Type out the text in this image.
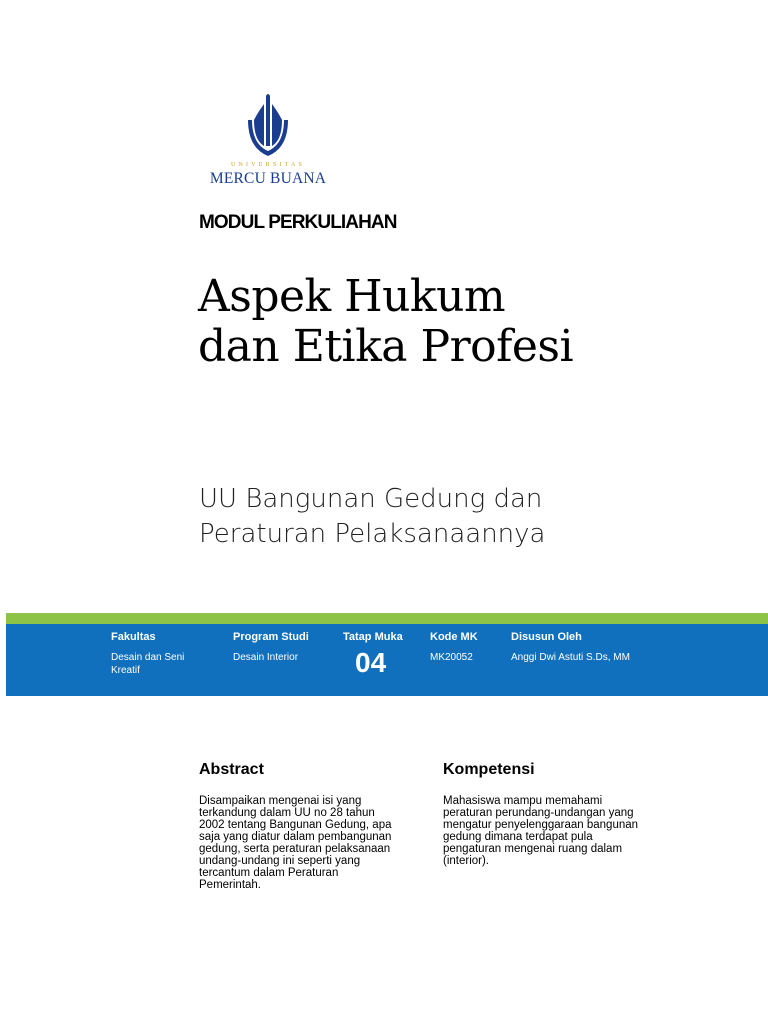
UNIVERSITAS
MERCU BUANA
MODUL PERKULIAHAN
Aspek Hukum
dan Etika Profesi
UU Bangunan Gedung dan
Peraturan Pelaksanaannya
Fakultas
Desain dan Seni
Kreatif
Program Studi
Desain Interior
Tatap Muka
04
Kode MK
MK20052
Disusun Oleh
Anggi Dwi Astuti S.Ds, MM
Abstract
Disampaikan mengenai isi yang
terkandung dalam UU no 28 tahun
2002 tentang Bangunan Gedung, apa
saja yang diatur dalam pembangunan
gedung, serta peraturan pelaksanaan
undang-undang ini seperti yang
tercantum dalam Peraturan
Pemerintah.
Kompetensi
Mahasiswa mampu memahami
peraturan perundang-undangan yang
mengatur penyelenggaraan bangunan
gedung dimana terdapat pula
pengaturan mengenai ruang dalam
(interior).
